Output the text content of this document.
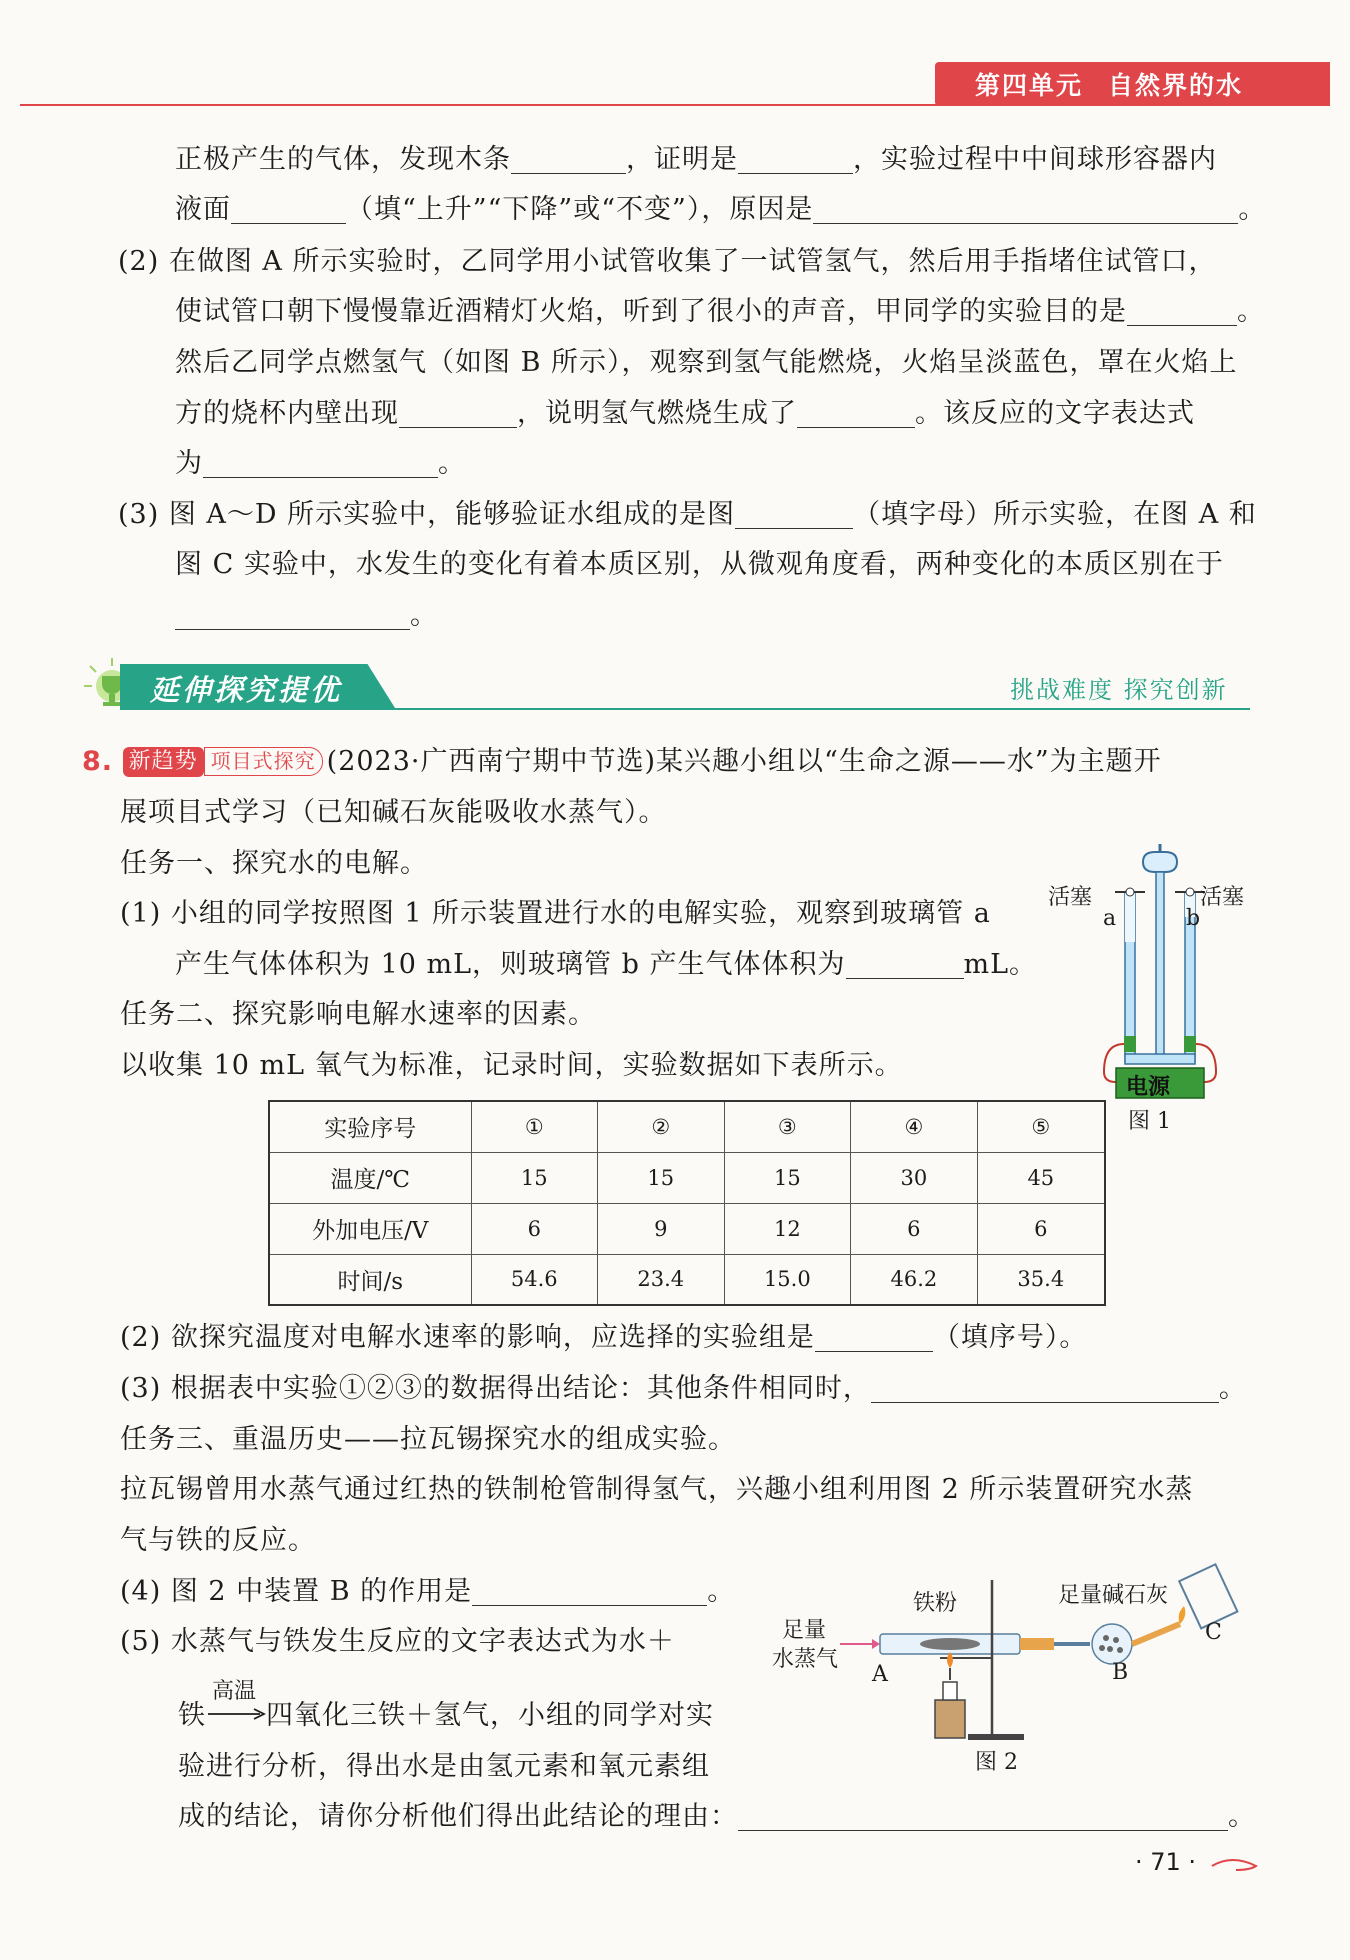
第四单元 自然界的水
正极产生的气体，发现木条	，证明是	，实验过程中中间球形容器内
液面	（填“上升”“下降”或“不变”），原因是	。
(2) 在做图 A 所示实验时，乙同学用小试管收集了一试管氢气，然后用手指堵住试管口，
使试管口朝下慢慢靠近酒精灯火焰，听到了很小的声音，甲同学的实验目的是	。
然后乙同学点燃氢气（如图 B 所示），观察到氢气能燃烧，火焰呈淡蓝色，罩在火焰上
方的烧杯内壁出现	，说明氢气燃烧生成了	。该反应的文字表达式
为	。
(3) 图 A～D 所示实验中，能够验证水组成的是图	（填字母）所示实验，在图 A 和
图 C 实验中，水发生的变化有着本质区别，从微观角度看，两种变化的本质区别在于
。
延伸探究提优	挑战难度 探究创新
8. 新趋势 项目式探究 (2023·广西南宁期中节选)某兴趣小组以“生命之源——水”为主题开
展项目式学习（已知碱石灰能吸收水蒸气）。
任务一、探究水的电解。
(1) 小组的同学按照图 1 所示装置进行水的电解实验，观察到玻璃管 a
产生气体体积为 10 mL，则玻璃管 b 产生气体体积为	mL。
任务二、探究影响电解水速率的因素。
以收集 10 mL 氧气为标准，记录时间，实验数据如下表所示。
活塞	活塞
a	b
电源
图 1
实验序号	①	②	③	④	⑤
温度/℃	15	15	15	30	45
外加电压/V	6	9	12	6	6
时间/s	54.6	23.4	15.0	46.2	35.4
(2) 欲探究温度对电解水速率的影响，应选择的实验组是	（填序号）。
(3) 根据表中实验①②③的数据得出结论：其他条件相同时，	。
任务三、重温历史——拉瓦锡探究水的组成实验。
拉瓦锡曾用水蒸气通过红热的铁制枪管制得氢气，兴趣小组利用图 2 所示装置研究水蒸
气与铁的反应。
(4) 图 2 中装置 B 的作用是	。
(5) 水蒸气与铁发生反应的文字表达式为水＋
铁
高温
→ 四氧化三铁＋氢气，小组的同学对实
验进行分析，得出水是由氢元素和氧元素组
成的结论，请你分析他们得出此结论的理由：	。
铁粉	足量碱石灰
足量
水蒸气
A	B
C
图 2
· 71 ·
